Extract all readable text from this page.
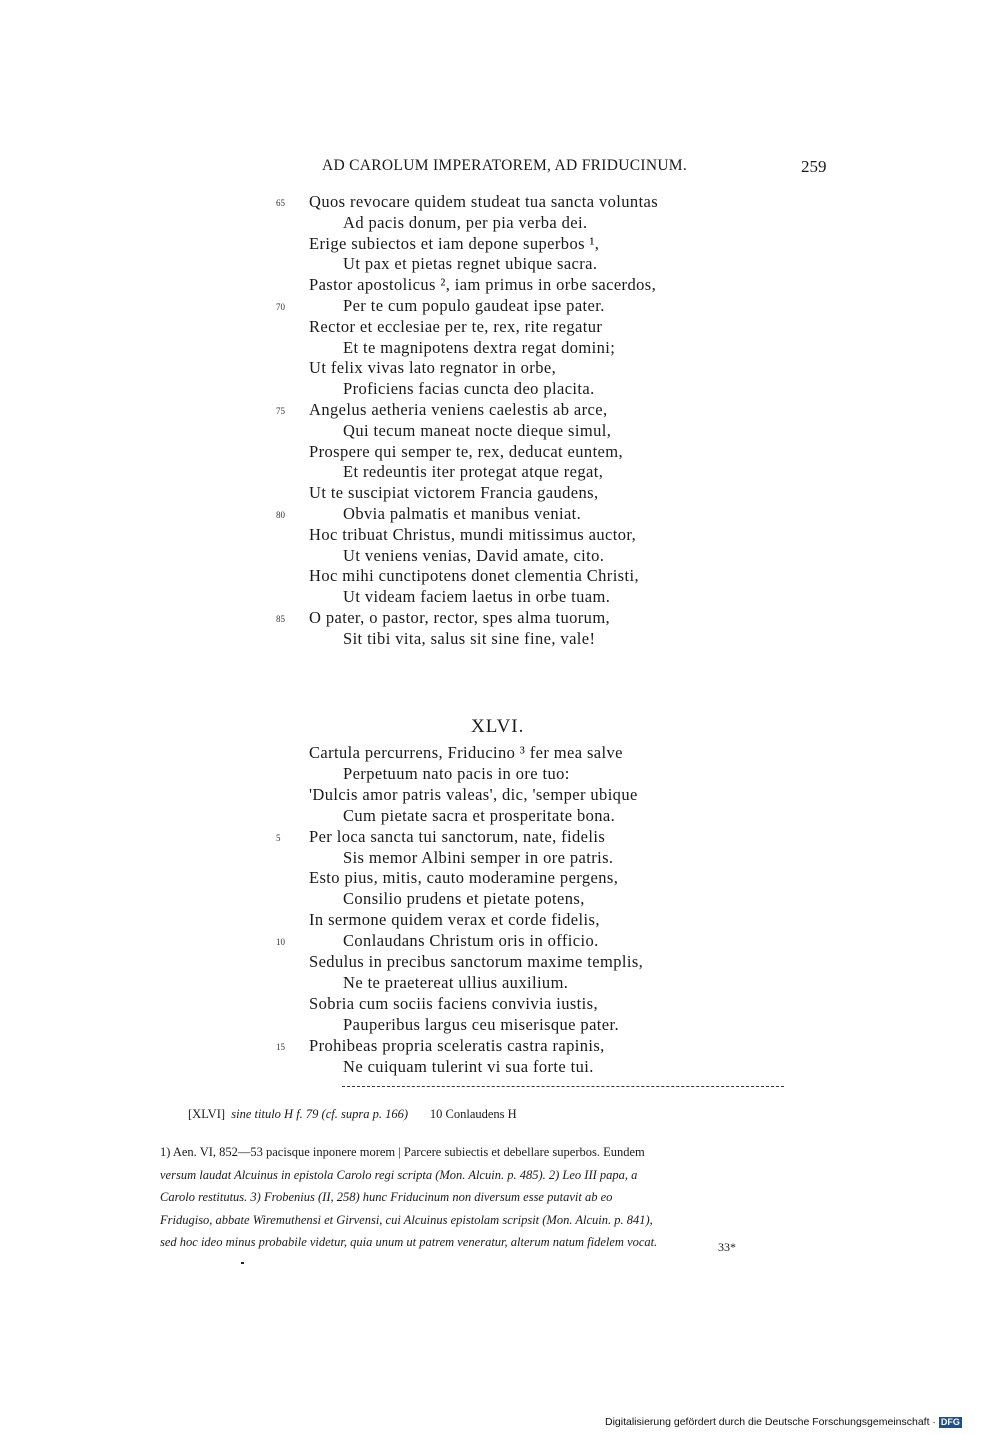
AD CAROLUM IMPERATOREM, AD FRIDUCINUM.	259
Quos revocare quidem studeat tua sancta voluntas
65
Ad pacis donum, per pia verba dei.
Erige subiectos et iam depone superbos ¹,
Ut pax et pietas regnet ubique sacra.
Pastor apostolicus ², iam primus in orbe sacerdos,
Per te cum populo gaudeat ipse pater.
70
Rector et ecclesiae per te, rex, rite regatur
Et te magnipotens dextra regat domini;
Ut felix vivas lato regnator in orbe,
Proficiens facias cuncta deo placita.
Angelus aetheria veniens caelestis ab arce,
75
Qui tecum maneat nocte dieque simul,
Prospere qui semper te, rex, deducat euntem,
Et redeuntis iter protegat atque regat,
Ut te suscipiat victorem Francia gaudens,
Obvia palmatis et manibus veniat.
80
Hoc tribuat Christus, mundi mitissimus auctor,
Ut veniens venias, David amate, cito.
Hoc mihi cunctipotens donet clementia Christi,
Ut videam faciem laetus in orbe tuam.
O pater, o pastor, rector, spes alma tuorum,
85
Sit tibi vita, salus sit sine fine, vale!
XLVI.
Cartula percurrens, Friducino ³ fer mea salve
Perpetuum nato pacis in ore tuo:
'Dulcis amor patris valeas', dic, 'semper ubique
Cum pietate sacra et prosperitate bona.
Per loca sancta tui sanctorum, nate, fidelis
5
Sis memor Albini semper in ore patris.
Esto pius, mitis, cauto moderamine pergens,
Consilio prudens et pietate potens,
In sermone quidem verax et corde fidelis,
Conlaudans Christum oris in officio.
10
Sedulus in precibus sanctorum maxime templis,
Ne te praetereat ullius auxilium.
Sobria cum sociis faciens convivia iustis,
Pauperibus largus ceu miserisque pater.
Prohibeas propria sceleratis castra rapinis,
15
Ne cuiquam tulerint vi sua forte tui.
[XLVI] sine titulo H f. 79 (cf. supra p. 166) 10 Conlaudens H
1) Aen. VI, 852—53 pacisque inponere morem | Parcere subiectis et debellare superbos. Eundem
versum laudat Alcuinus in epistola Carolo regi scripta (Mon. Alcuin. p. 485). 2) Leo III papa, a
Carolo restitutus. 3) Frobenius (II, 258) hunc Friducinum non diversum esse putavit ab eo
Fridugiso, abbate Wiremuthensi et Girvensi, cui Alcuinus epistolam scripsit (Mon. Alcuin. p. 841),
sed hoc ideo minus probabile videtur, quia unum ut patrem veneratur, alterum natum fidelem vocat.	33*
Digitalisierung gefördert durch die Deutsche Forschungsgemeinschaft · DFG
